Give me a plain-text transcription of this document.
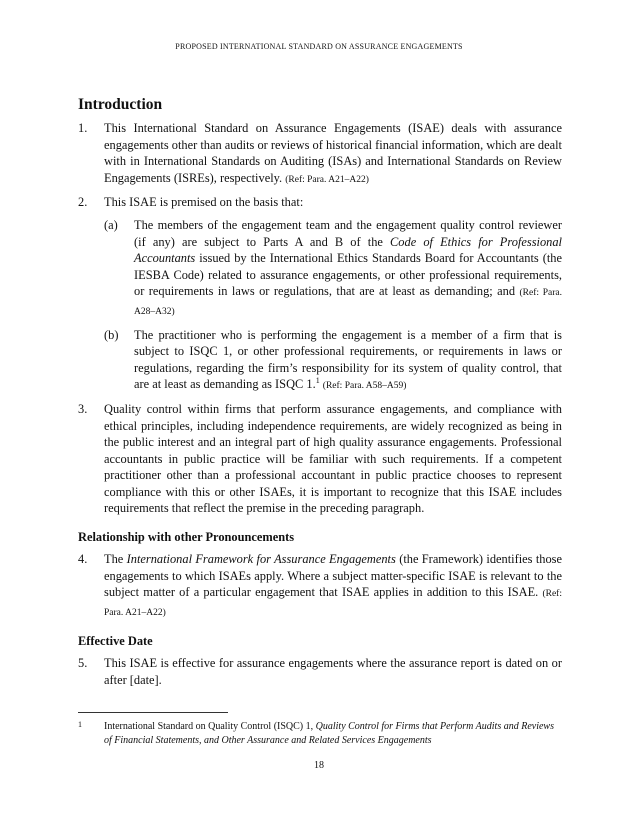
PROPOSED INTERNATIONAL STANDARD ON ASSURANCE ENGAGEMENTS
Introduction
1. This International Standard on Assurance Engagements (ISAE) deals with assurance engagements other than audits or reviews of historical financial information, which are dealt with in International Standards on Auditing (ISAs) and International Standards on Review Engagements (ISREs), respectively. (Ref: Para. A21–A22)
2. This ISAE is premised on the basis that:
(a) The members of the engagement team and the engagement quality control reviewer (if any) are subject to Parts A and B of the Code of Ethics for Professional Accountants issued by the International Ethics Standards Board for Accountants (the IESBA Code) related to assurance engagements, or other professional requirements, or requirements in laws or regulations, that are at least as demanding; and (Ref: Para. A28–A32)
(b) The practitioner who is performing the engagement is a member of a firm that is subject to ISQC 1, or other professional requirements, or requirements in laws or regulations, regarding the firm’s responsibility for its system of quality control, that are at least as demanding as ISQC 1.$^1$ (Ref: Para. A58–A59)
3. Quality control within firms that perform assurance engagements, and compliance with ethical principles, including independence requirements, are widely recognized as being in the public interest and an integral part of high quality assurance engagements. Professional accountants in public practice will be familiar with such requirements. If a competent practitioner other than a professional accountant in public practice chooses to represent compliance with this or other ISAEs, it is important to recognize that this ISAE includes requirements that reflect the premise in the preceding paragraph.
Relationship with other Pronouncements
4. The International Framework for Assurance Engagements (the Framework) identifies those engagements to which ISAEs apply. Where a subject matter-specific ISAE is relevant to the subject matter of a particular engagement that ISAE applies in addition to this ISAE. (Ref: Para. A21–A22)
Effective Date
5. This ISAE is effective for assurance engagements where the assurance report is dated on or after [date].
1 International Standard on Quality Control (ISQC) 1, Quality Control for Firms that Perform Audits and Reviews of Financial Statements, and Other Assurance and Related Services Engagements
18
